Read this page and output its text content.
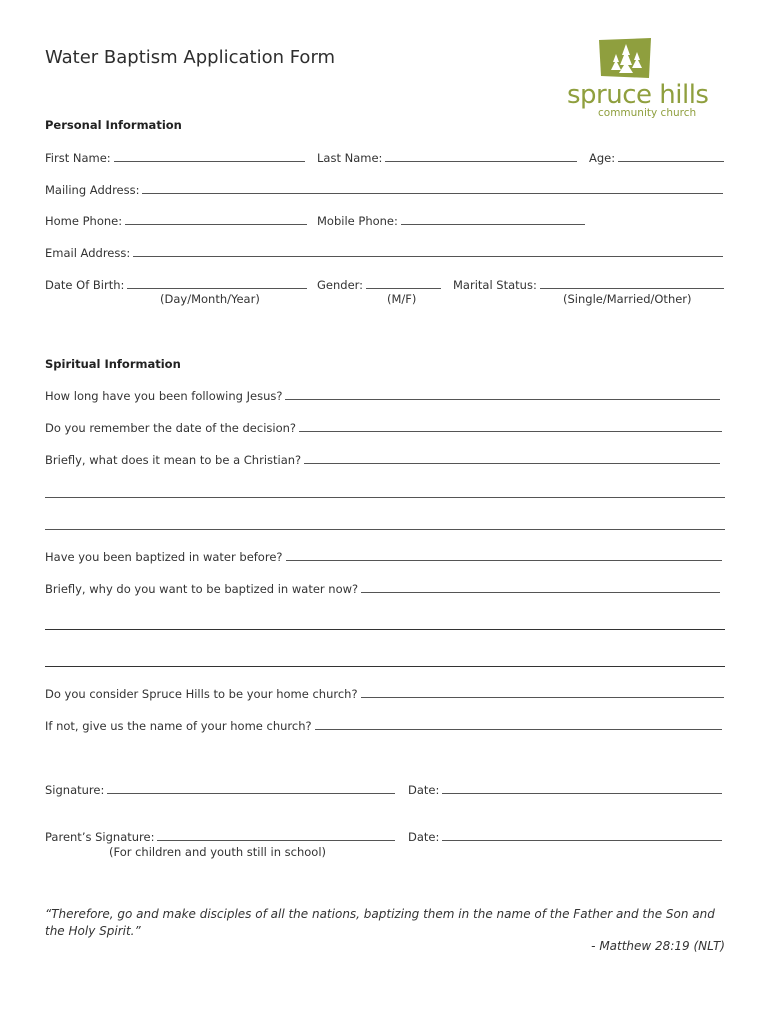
Water Baptism Application Form
spruce hills
community church
Personal Information
First Name:	Last Name:	Age:
Mailing Address:
Home Phone:	Mobile Phone:
Email Address:
Date Of Birth:	Gender:	Marital Status:
(Day/Month/Year)	(M/F)	(Single/Married/Other)
Spiritual Information
How long have you been following Jesus?
Do you remember the date of the decision?
Briefly, what does it mean to be a Christian?
Have you been baptized in water before?
Briefly, why do you want to be baptized in water now?
Do you consider Spruce Hills to be your home church?
If not, give us the name of your home church?
Signature:	Date:
Parent’s Signature:	Date:
(For children and youth still in school)
“Therefore, go and make disciples of all the nations, baptizing them in the name of the Father and the Son and the Holy Spirit.”
- Matthew 28:19 (NLT)
